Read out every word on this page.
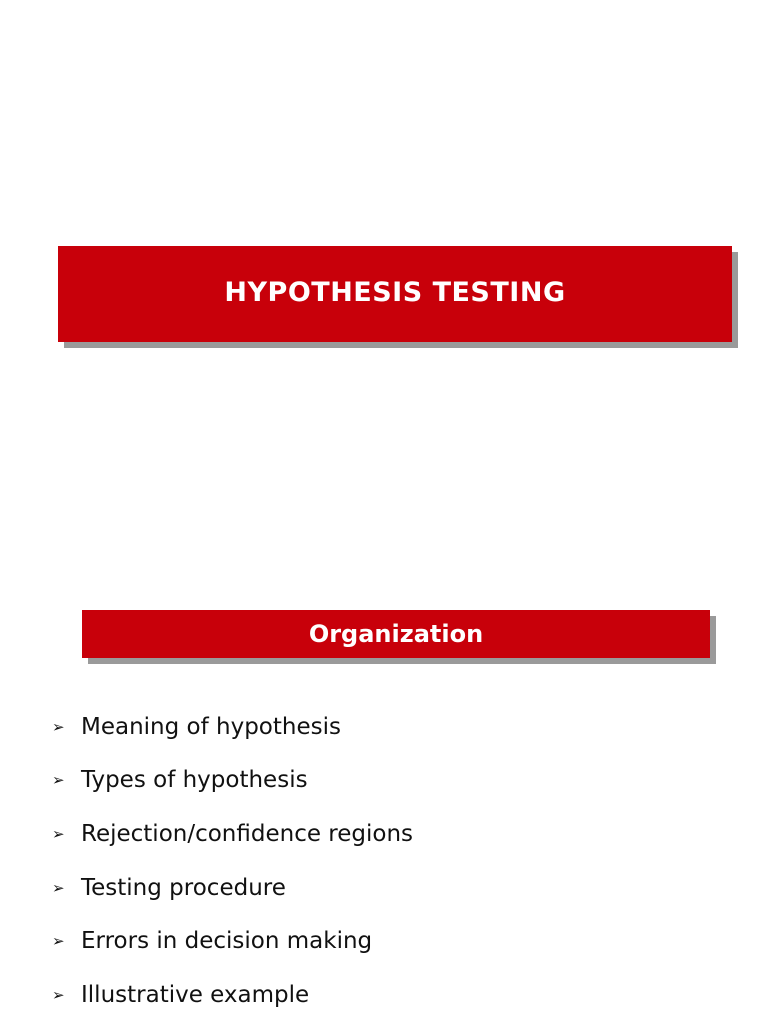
HYPOTHESIS TESTING
Organization
➢ Meaning of hypothesis
➢ Types of hypothesis
➢ Rejection/confidence regions
➢ Testing procedure
➢ Errors in decision making
➢ Illustrative example
